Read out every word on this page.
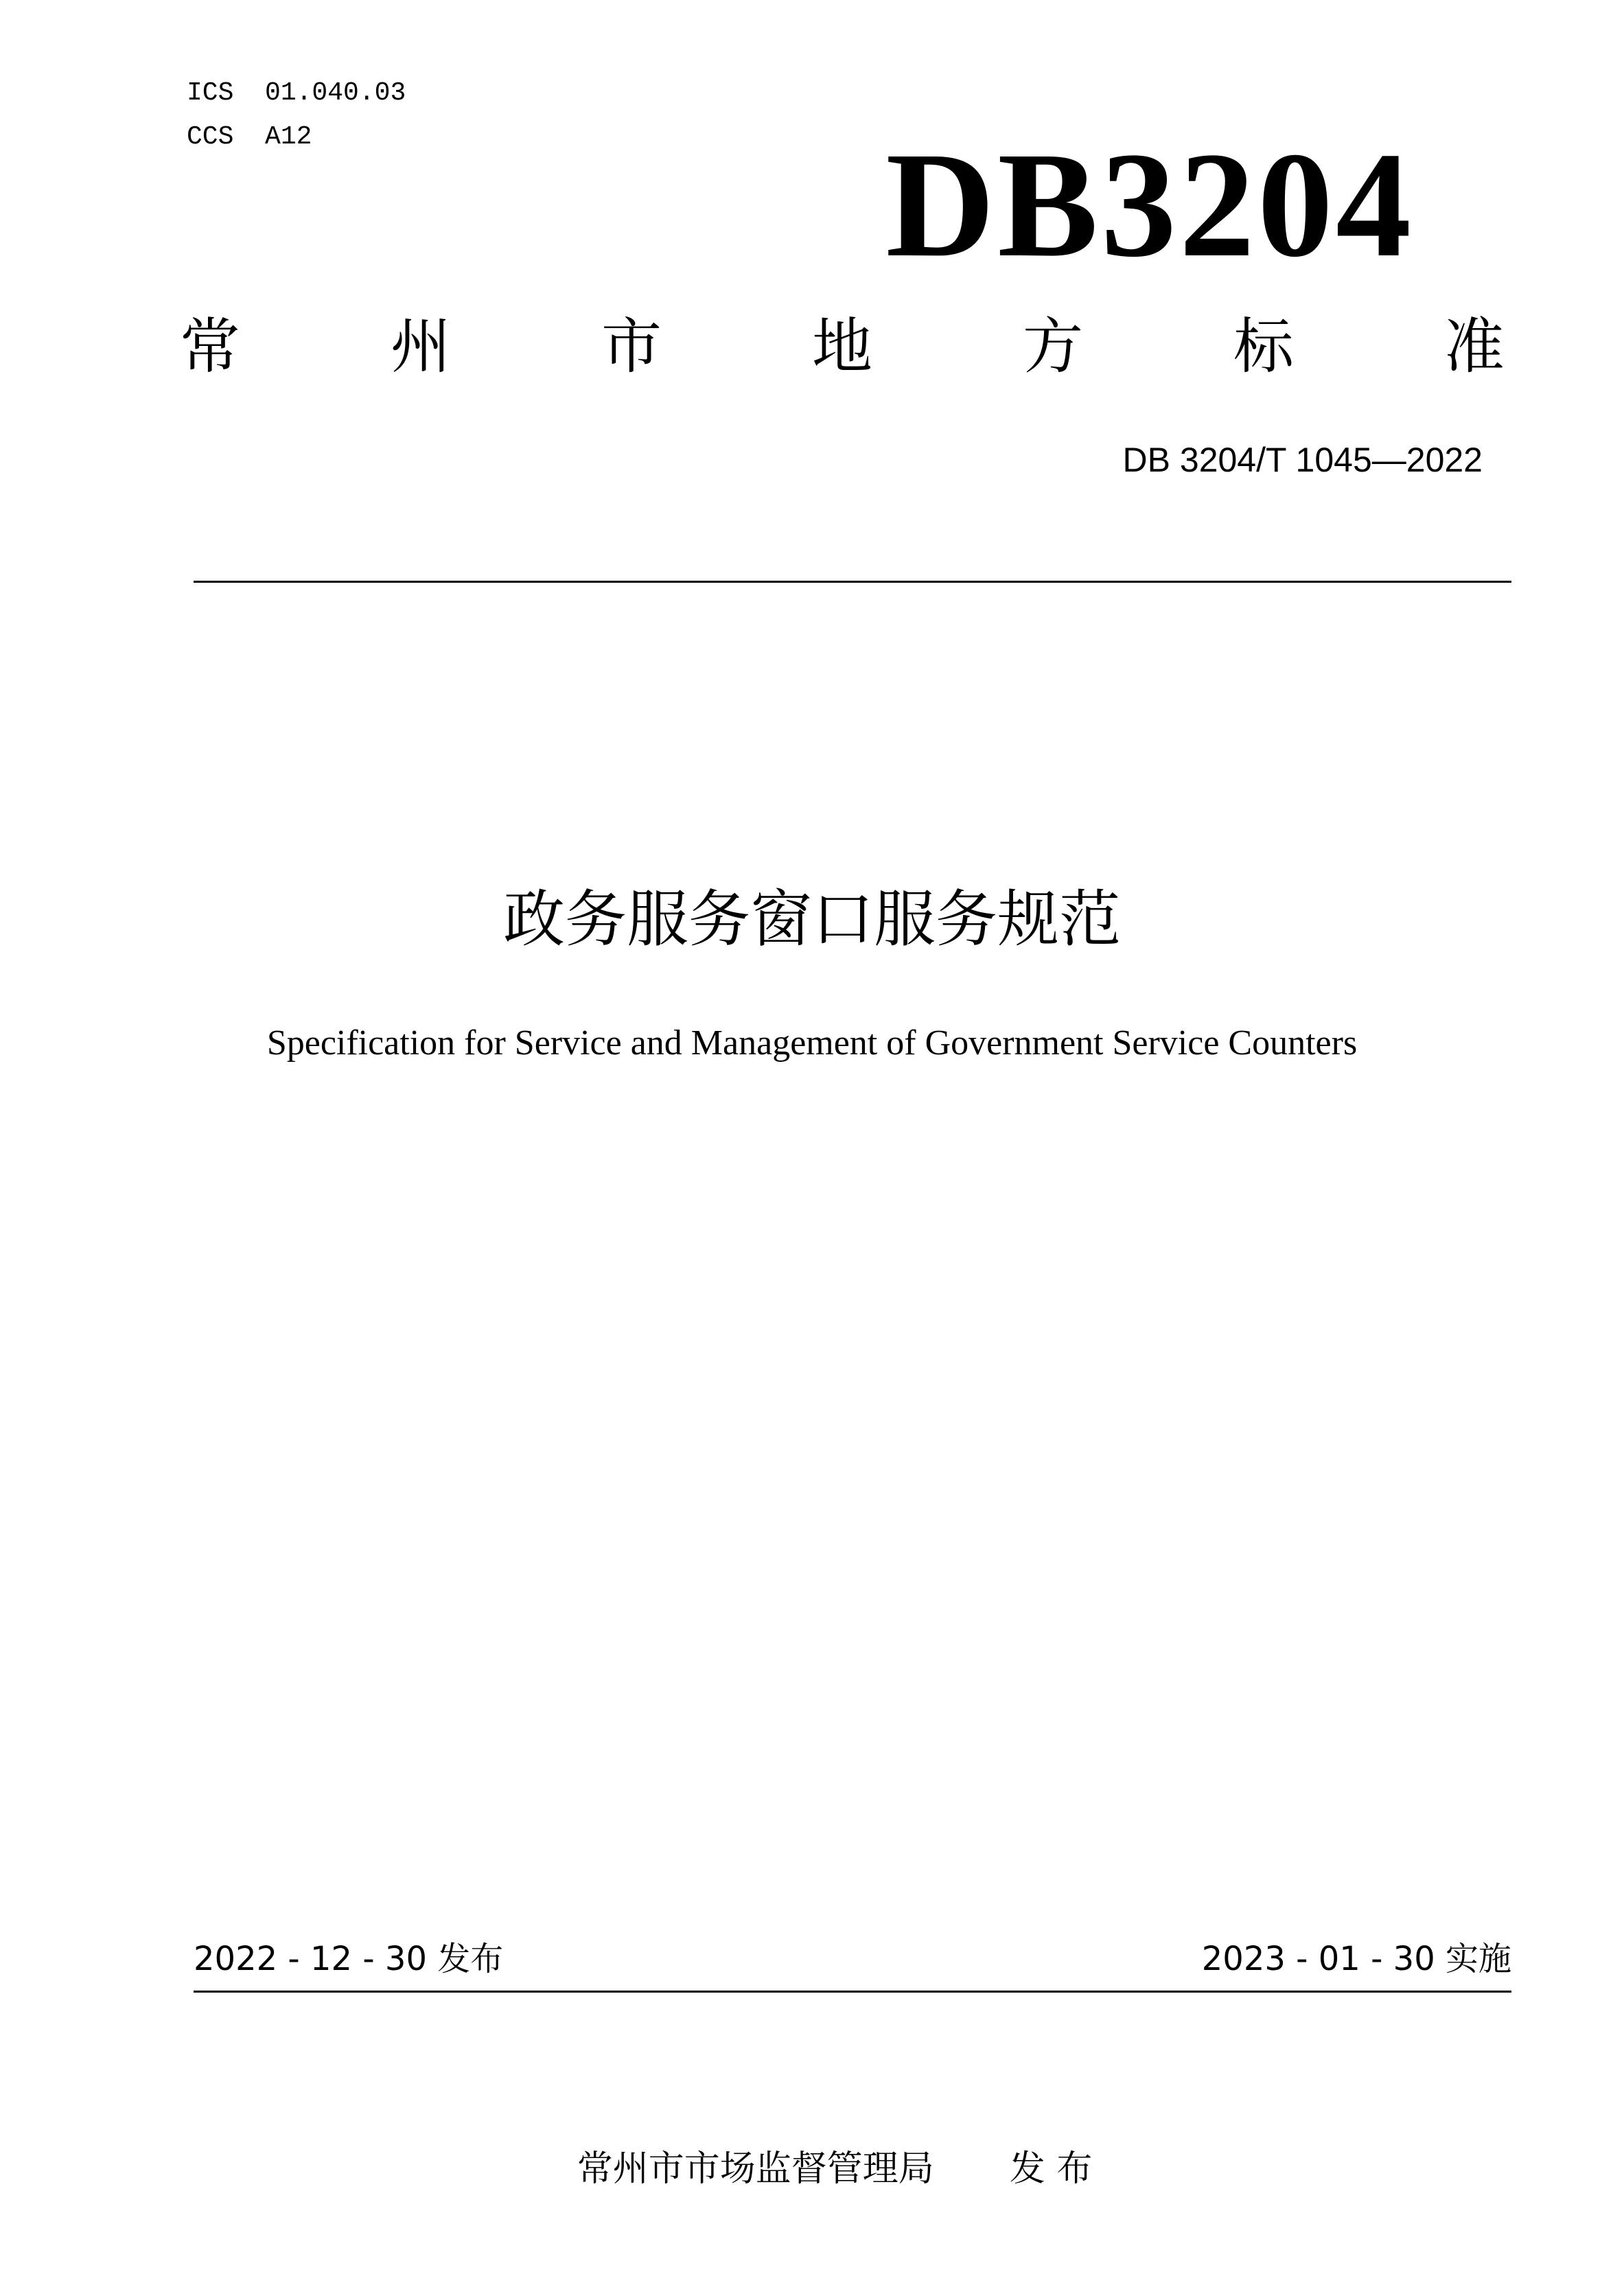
ICS  01.040.03
CCS  A12	DB3204
常 州 市 地 方 标 准
DB 3204/T 1045—2022
政务服务窗口服务规范
Specification for Service and Management of Government Service Counters
2022 - 12 - 30 发布	2023 - 01 - 30 实施

常州市市场监督管理局 发 布
